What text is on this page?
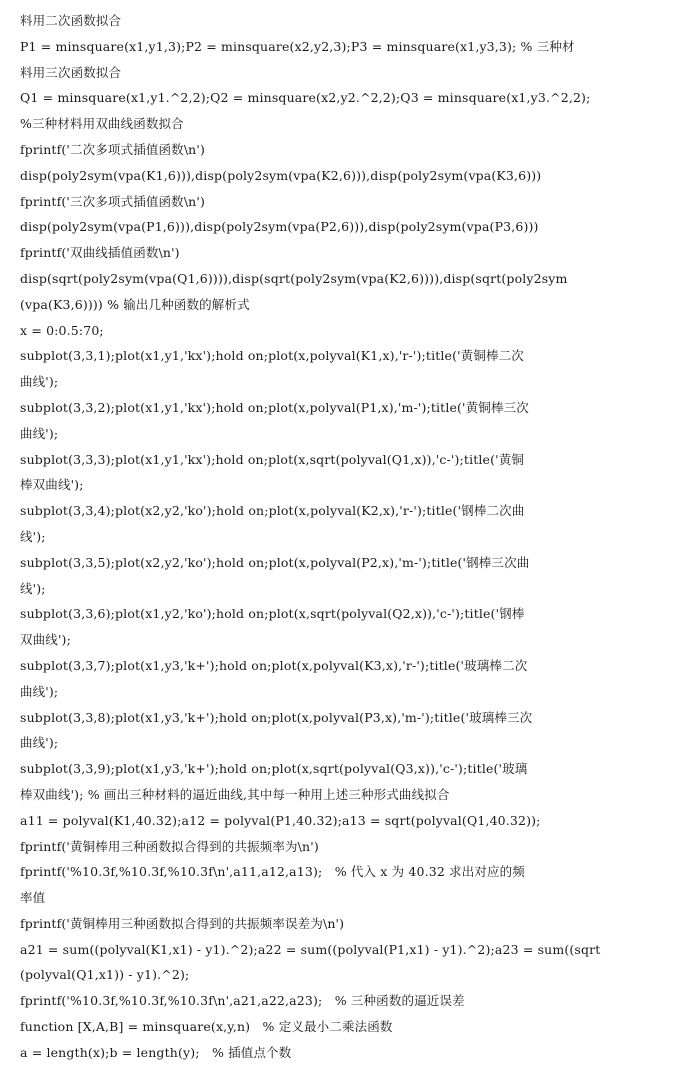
料用二次函数拟合
P1 = minsquare(x1,y1,3);P2 = minsquare(x2,y2,3);P3 = minsquare(x1,y3,3); % 三种材
料用三次函数拟合
Q1 = minsquare(x1,y1.^2,2);Q2 = minsquare(x2,y2.^2,2);Q3 = minsquare(x1,y3.^2,2);
%三种材料用双曲线函数拟合
fprintf('二次多项式插值函数\n')
disp(poly2sym(vpa(K1,6))),disp(poly2sym(vpa(K2,6))),disp(poly2sym(vpa(K3,6)))
fprintf('三次多项式插值函数\n')
disp(poly2sym(vpa(P1,6))),disp(poly2sym(vpa(P2,6))),disp(poly2sym(vpa(P3,6)))
fprintf('双曲线插值函数\n')
disp(sqrt(poly2sym(vpa(Q1,6)))),disp(sqrt(poly2sym(vpa(K2,6)))),disp(sqrt(poly2sym
(vpa(K3,6)))) % 输出几种函数的解析式
x = 0:0.5:70;
subplot(3,3,1);plot(x1,y1,'kx');hold on;plot(x,polyval(K1,x),'r-');title('黄铜棒二次
曲线');
subplot(3,3,2);plot(x1,y1,'kx');hold on;plot(x,polyval(P1,x),'m-');title('黄铜棒三次
曲线');
subplot(3,3,3);plot(x1,y1,'kx');hold on;plot(x,sqrt(polyval(Q1,x)),'c-');title('黄铜
棒双曲线');
subplot(3,3,4);plot(x2,y2,'ko');hold on;plot(x,polyval(K2,x),'r-');title('钢棒二次曲
线');
subplot(3,3,5);plot(x2,y2,'ko');hold on;plot(x,polyval(P2,x),'m-');title('钢棒三次曲
线');
subplot(3,3,6);plot(x1,y2,'ko');hold on;plot(x,sqrt(polyval(Q2,x)),'c-');title('钢棒
双曲线');
subplot(3,3,7);plot(x1,y3,'k+');hold on;plot(x,polyval(K3,x),'r-');title('玻璃棒二次
曲线');
subplot(3,3,8);plot(x1,y3,'k+');hold on;plot(x,polyval(P3,x),'m-');title('玻璃棒三次
曲线');
subplot(3,3,9);plot(x1,y3,'k+');hold on;plot(x,sqrt(polyval(Q3,x)),'c-');title('玻璃
棒双曲线'); % 画出三种材料的逼近曲线,其中每一种用上述三种形式曲线拟合
a11 = polyval(K1,40.32);a12 = polyval(P1,40.32);a13 = sqrt(polyval(Q1,40.32));
fprintf('黄铜棒用三种函数拟合得到的共振频率为\n')
fprintf('%10.3f,%10.3f,%10.3f\n',a11,a12,a13);   % 代入 x 为 40.32 求出对应的频
率值
fprintf('黄铜棒用三种函数拟合得到的共振频率误差为\n')
a21 = sum((polyval(K1,x1) - y1).^2);a22 = sum((polyval(P1,x1) - y1).^2);a23 = sum((sqrt
(polyval(Q1,x1)) - y1).^2);
fprintf('%10.3f,%10.3f,%10.3f\n',a21,a22,a23);   % 三种函数的逼近误差
function [X,A,B] = minsquare(x,y,n)   % 定义最小二乘法函数
a = length(x);b = length(y);   % 插值点个数
